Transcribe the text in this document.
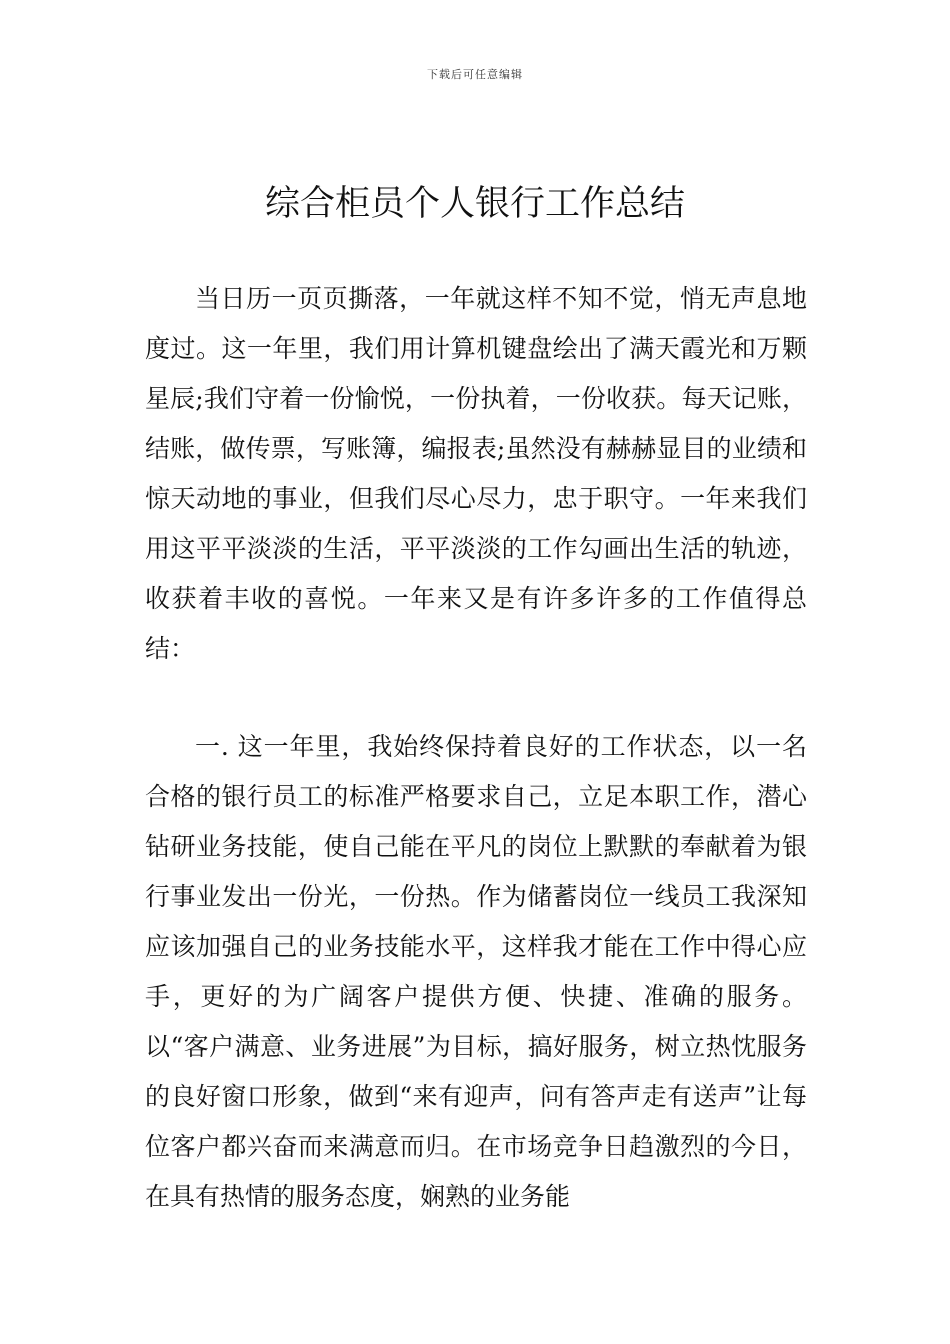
下载后可任意编辑
综合柜员个人银行工作总结

当日历一页页撕落，一年就这样不知不觉，悄无声息地度过。这一年里，我们用计算机键盘绘出了满天霞光和万颗星辰;我们守着一份愉悦，一份执着，一份收获。每天记账，结账，做传票，写账簿，编报表;虽然没有赫赫显目的业绩和惊天动地的事业，但我们尽心尽力，忠于职守。一年来我们用这平平淡淡的生活，平平淡淡的工作勾画出生活的轨迹，收获着丰收的喜悦。一年来又是有许多许多的工作值得总结：

一. 这一年里，我始终保持着良好的工作状态，以一名合格的银行员工的标准严格要求自己，立足本职工作，潜心钻研业务技能，使自己能在平凡的岗位上默默的奉献着为银行事业发出一份光，一份热。作为储蓄岗位一线员工我深知应该加强自己的业务技能水平，这样我才能在工作中得心应手，更好的为广阔客户提供方便、快捷、准确的服务。以“客户满意、业务进展”为目标，搞好服务，树立热忱服务的良好窗口形象，做到“来有迎声，问有答声走有送声”让每位客户都兴奋而来满意而归。在市场竞争日趋激烈的今日，在具有热情的服务态度，娴熟的业务能
